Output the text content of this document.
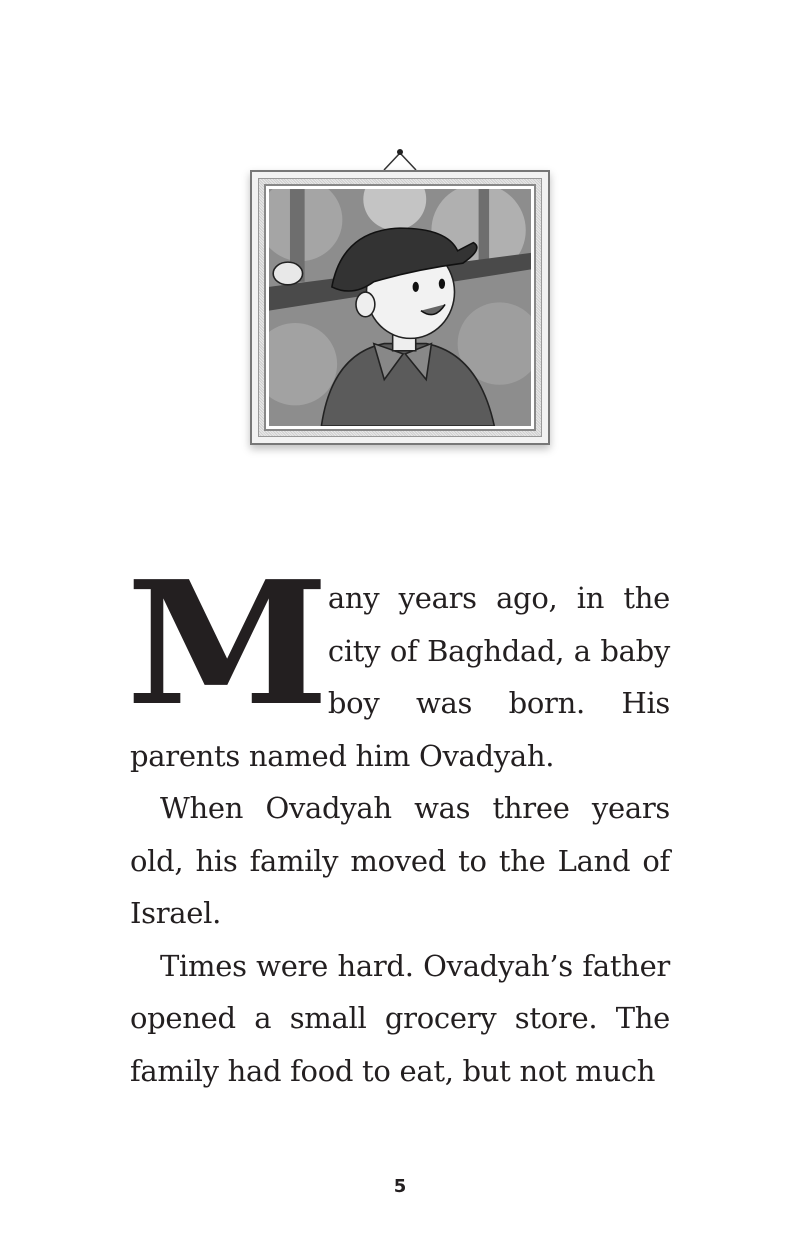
M
any years ago, in the city of Baghdad, a baby boy was born. His parents named him Ovadyah.

When Ovadyah was three years old, his family moved to the Land of Israel.

Times were hard. Ovadyah’s father opened a small grocery store. The family had food to eat, but not much

5
